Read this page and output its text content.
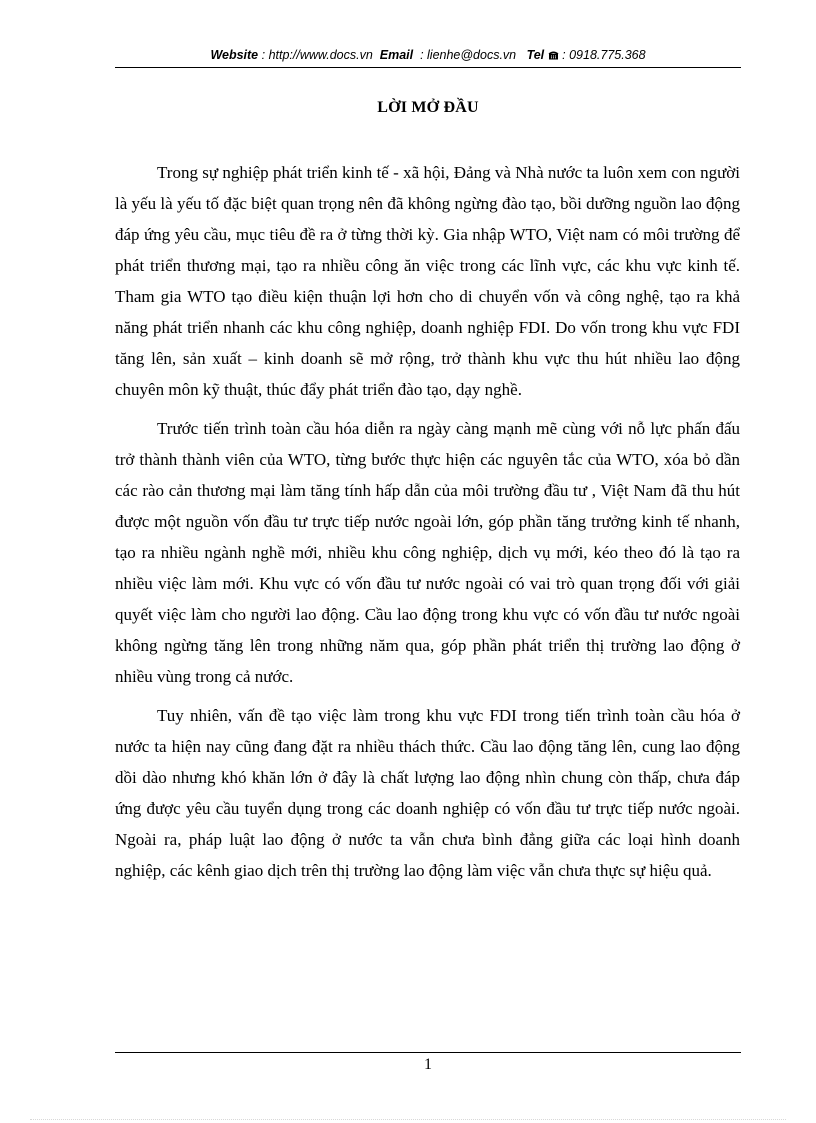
Website : http://www.docs.vn Email : lienhe@docs.vn Tel : 0918.775.368
LỜI MỞ ĐẦU

Trong sự nghiệp phát triển kinh tế - xã hội, Đảng và Nhà nước ta luôn xem con người là yếu là yếu tố đặc biệt quan trọng nên đã không ngừng đào tạo, bồi dưỡng nguồn lao động đáp ứng yêu cầu, mục tiêu đề ra ở từng thời kỳ. Gia nhập WTO, Việt nam có môi trường để phát triển thương mại, tạo ra nhiều công ăn việc trong các lĩnh vực, các khu vực kinh tế. Tham gia WTO tạo điều kiện thuận lợi hơn cho di chuyển vốn và công nghệ, tạo ra khả năng phát triển nhanh các khu công nghiệp, doanh nghiệp FDI. Do vốn trong khu vực FDI tăng lên, sản xuất – kinh doanh sẽ mở rộng, trở thành khu vực thu hút nhiều lao động chuyên môn kỹ thuật, thúc đẩy phát triển đào tạo, dạy nghề.

Trước tiến trình toàn cầu hóa diễn ra ngày càng mạnh mẽ cùng với nỗ lực phấn đấu trở thành thành viên của WTO, từng bước thực hiện các nguyên tắc của WTO, xóa bỏ dần các rào cản thương mại làm tăng tính hấp dẫn của môi trường đầu tư , Việt Nam đã thu hút được một nguồn vốn đầu tư trực tiếp nước ngoài lớn, góp phần tăng trưởng kinh tế nhanh, tạo ra nhiều ngành nghề mới, nhiều khu công nghiệp, dịch vụ mới, kéo theo đó là tạo ra nhiều việc làm mới. Khu vực có vốn đầu tư nước ngoài có vai trò quan trọng đối với giải quyết việc làm cho người lao động. Cầu lao động trong khu vực có vốn đầu tư nước ngoài không ngừng tăng lên trong những năm qua, góp phần phát triển thị trường lao động ở nhiều vùng trong cả nước.

Tuy nhiên, vấn đề tạo việc làm trong khu vực FDI trong tiến trình toàn cầu hóa ở nước ta hiện nay cũng đang đặt ra nhiều thách thức. Cầu lao động tăng lên, cung lao động dồi dào nhưng khó khăn lớn ở đây là chất lượng lao động nhìn chung còn thấp, chưa đáp ứng được yêu cầu tuyển dụng trong các doanh nghiệp có vốn đầu tư trực tiếp nước ngoài. Ngoài ra, pháp luật lao động ở nước ta vẫn chưa bình đẳng giữa các loại hình doanh nghiệp, các kênh giao dịch trên thị trường lao động làm việc vẫn chưa thực sự hiệu quả.

1
